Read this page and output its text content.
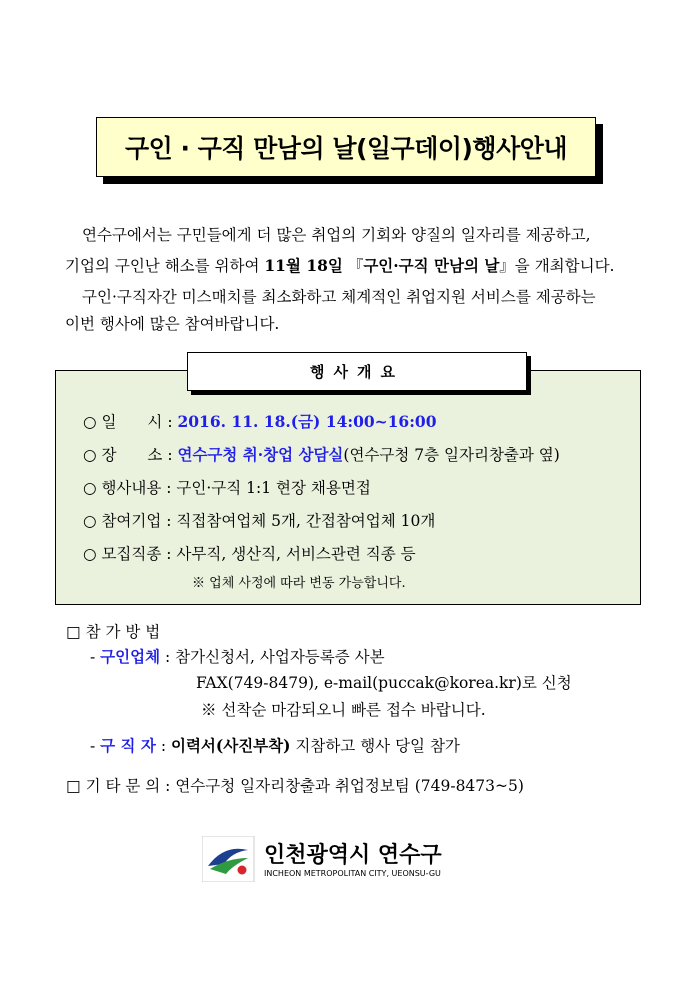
구인 · 구직 만남의 날(일구데이)행사안내

연수구에서는 구민들에게 더 많은 취업의 기회와 양질의 일자리를 제공하고,

기업의 구인난 해소를 위하여 11월 18일 『구인·구직 만남의 날』을 개최합니다.

구인·구직자간 미스매치를 최소화하고 체계적인 취업지원 서비스를 제공하는

이번 행사에 많은 참여바랍니다.

행사개요
○ 일　　시 : 2016. 11. 18.(금) 14:00~16:00
○ 장　　소 : 연수구청 취·창업 상담실(연수구청 7층 일자리창출과 옆)
○ 행사내용 : 구인·구직 1:1 현장 채용면접
○ 참여기업 : 직접참여업체 5개, 간접참여업체 10개
○ 모집직종 : 사무직, 생산직, 서비스관련 직종 등
※ 업체 사정에 따라 변동 가능합니다.
□ 참 가 방 법
- 구인업체 : 참가신청서, 사업자등록증 사본
FAX(749-8479), e-mail(puccak@korea.kr)로 신청
※ 선착순 마감되오니 빠른 접수 바랍니다.
- 구 직 자 : 이력서(사진부착) 지참하고 행사 당일 참가
□ 기 타 문 의 : 연수구청 일자리창출과 취업정보팀 (749-8473~5)
인천광역시 연수구
INCHEON METROPOLITAN CITY, UEONSU-GU
